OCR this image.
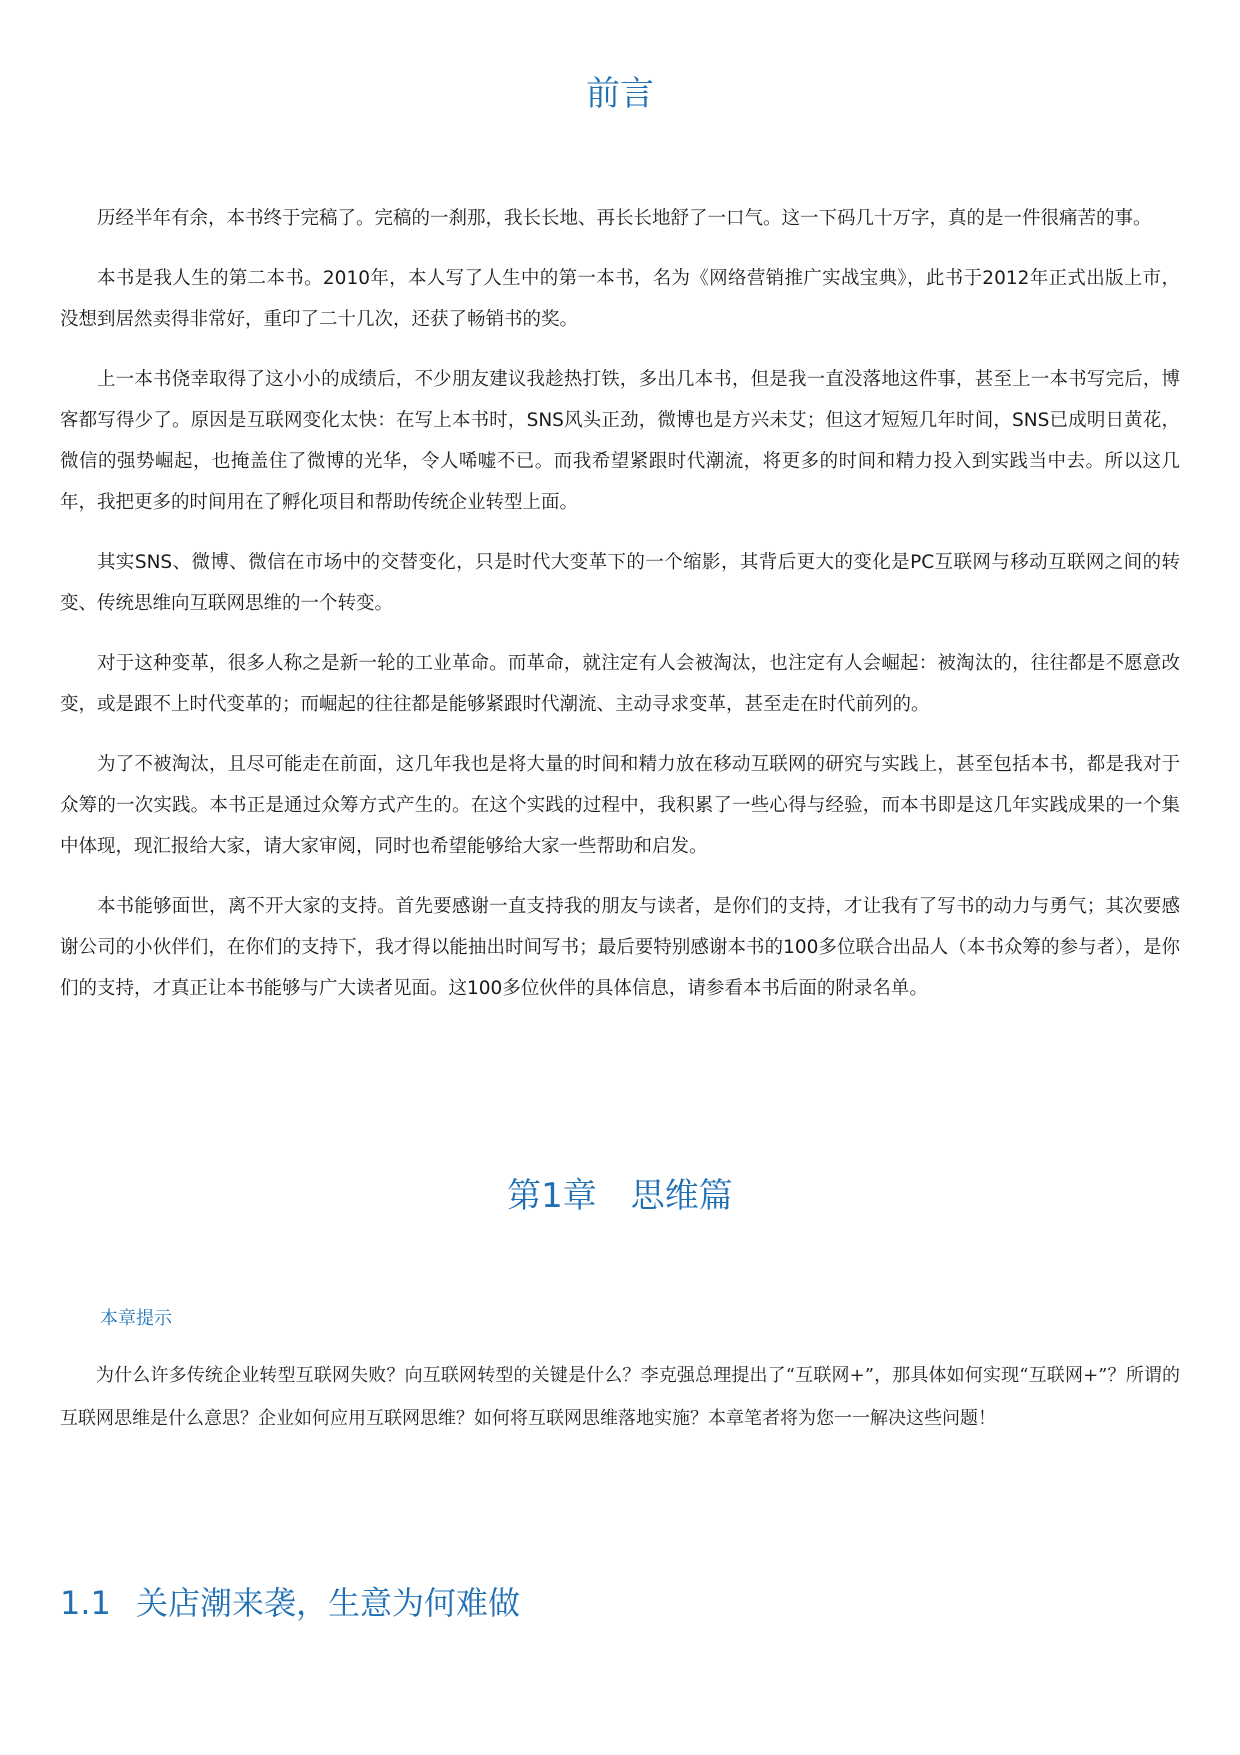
前言

历经半年有余，本书终于完稿了。完稿的一刹那，我长长地、再长长地舒了一口气。这一下码几十万字，真的是一件很痛苦的事。

本书是我人生的第二本书。2010年，本人写了人生中的第一本书，名为《网络营销推广实战宝典》，此书于2012年正式出版上市，没想到居然卖得非常好，重印了二十几次，还获了畅销书的奖。

上一本书侥幸取得了这小小的成绩后，不少朋友建议我趁热打铁，多出几本书，但是我一直没落地这件事，甚至上一本书写完后，博客都写得少了。原因是互联网变化太快：在写上本书时，SNS风头正劲，微博也是方兴未艾；但这才短短几年时间，SNS已成明日黄花，微信的强势崛起，也掩盖住了微博的光华，令人唏嘘不已。而我希望紧跟时代潮流，将更多的时间和精力投入到实践当中去。所以这几年，我把更多的时间用在了孵化项目和帮助传统企业转型上面。

其实SNS、微博、微信在市场中的交替变化，只是时代大变革下的一个缩影，其背后更大的变化是PC互联网与移动互联网之间的转变、传统思维向互联网思维的一个转变。

对于这种变革，很多人称之是新一轮的工业革命。而革命，就注定有人会被淘汰，也注定有人会崛起：被淘汰的，往往都是不愿意改变，或是跟不上时代变革的；而崛起的往往都是能够紧跟时代潮流、主动寻求变革，甚至走在时代前列的。

为了不被淘汰，且尽可能走在前面，这几年我也是将大量的时间和精力放在移动互联网的研究与实践上，甚至包括本书，都是我对于众筹的一次实践。本书正是通过众筹方式产生的。在这个实践的过程中，我积累了一些心得与经验，而本书即是这几年实践成果的一个集中体现，现汇报给大家，请大家审阅，同时也希望能够给大家一些帮助和启发。

本书能够面世，离不开大家的支持。首先要感谢一直支持我的朋友与读者，是你们的支持，才让我有了写书的动力与勇气；其次要感谢公司的小伙伴们，在你们的支持下，我才得以能抽出时间写书；最后要特别感谢本书的100多位联合出品人（本书众筹的参与者），是你们的支持，才真正让本书能够与广大读者见面。这100多位伙伴的具体信息，请参看本书后面的附录名单。

第1章　思维篇

本章提示

为什么许多传统企业转型互联网失败？向互联网转型的关键是什么？李克强总理提出了“互联网+”，那具体如何实现“互联网+”？所谓的互联网思维是什么意思？企业如何应用互联网思维？如何将互联网思维落地实施？本章笔者将为您一一解决这些问题！

1.1 关店潮来袭，生意为何难做
